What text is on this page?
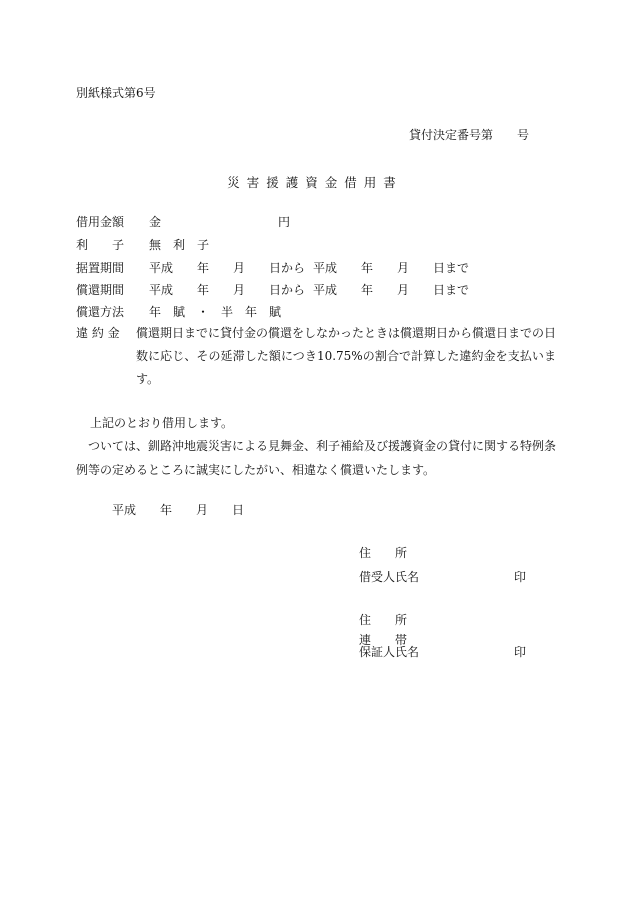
別紙様式第6号
貸付決定番号第　　号
災害援護資金借用書
借用金額 金	円
利　　子 無　利　子
据置期間 平成　　年　　月　　日から 平成　　年　　月　　日まで
償還期間 平成　　年　　月　　日から 平成　　年　　月　　日まで
償還方法 年　賦　・　半　年　賦
違 約 金 償還期日までに貸付金の償還をしなかったときは償還期日から償還日までの日数に応じ、その延滞した額につき10.75%の割合で計算した違約金を支払います。
上記のとおり借用します。
ついては、釧路沖地震災害による見舞金、利子補給及び援護資金の貸付に関する特例条例等の定めるところに誠実にしたがい、相違なく償還いたします。
平成　　年　　月　　日
住　　所
借受人氏名	印
住　　所
連　　帯
保証人氏名	印
